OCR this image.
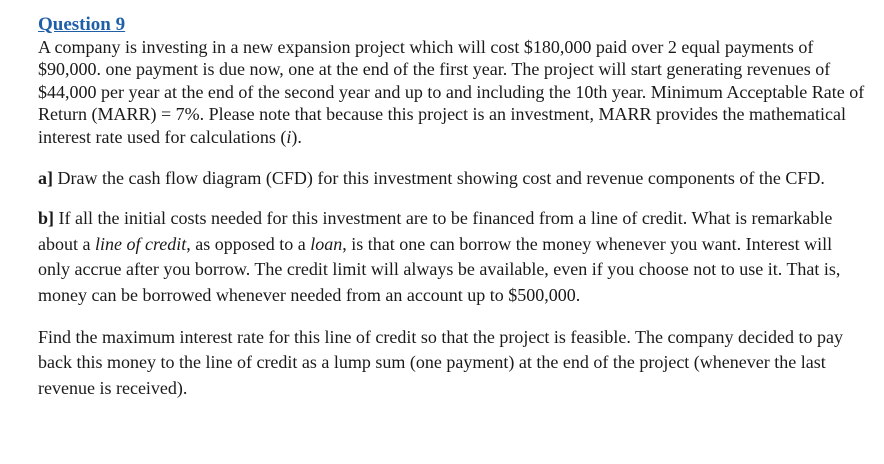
Question 9

A company is investing in a new expansion project which will cost $180,000 paid over 2 equal payments of $90,000. one payment is due now, one at the end of the first year. The project will start generating revenues of $44,000 per year at the end of the second year and up to and including the 10th year. Minimum Acceptable Rate of Return (MARR) = 7%. Please note that because this project is an investment, MARR provides the mathematical interest rate used for calculations (i).

a] Draw the cash flow diagram (CFD) for this investment showing cost and revenue components of the CFD.

b] If all the initial costs needed for this investment are to be financed from a line of credit. What is remarkable about a line of credit, as opposed to a loan, is that one can borrow the money whenever you want. Interest will only accrue after you borrow. The credit limit will always be available, even if you choose not to use it. That is, money can be borrowed whenever needed from an account up to $500,000.

Find the maximum interest rate for this line of credit so that the project is feasible. The company decided to pay back this money to the line of credit as a lump sum (one payment) at the end of the project (whenever the last revenue is received).
